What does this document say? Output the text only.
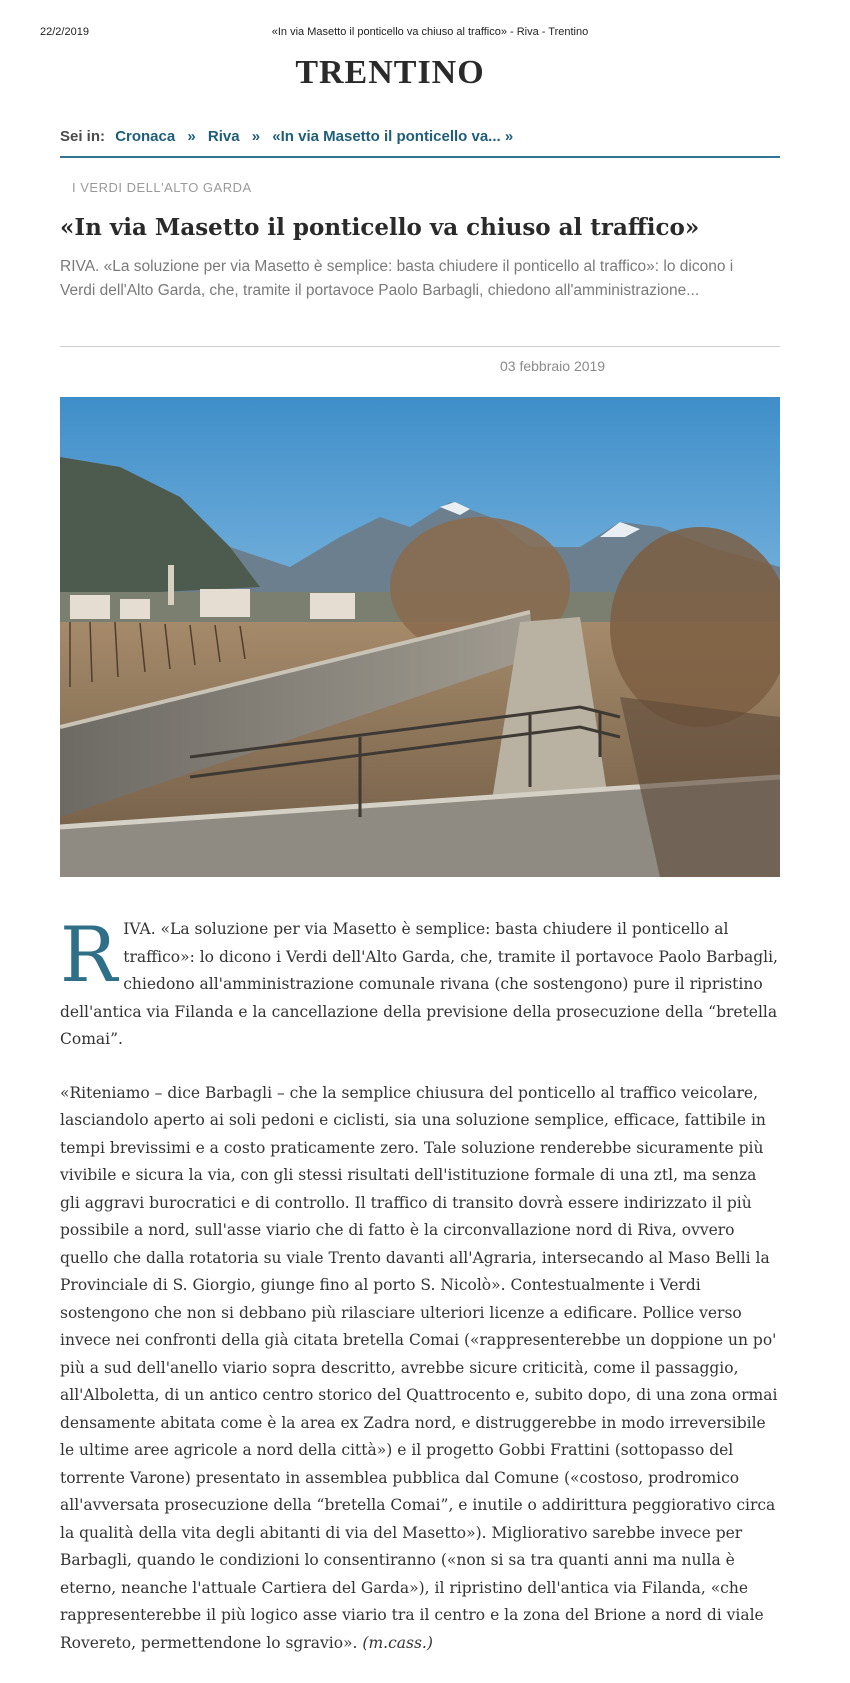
22/2/2019	«In via Masetto il ponticello va chiuso al traffico» - Riva - Trentino
TRENTINO
Sei in: Cronaca » Riva » «In via Masetto il ponticello va... »
I VERDI DELL'ALTO GARDA
«In via Masetto il ponticello va chiuso al traffico»
RIVA. «La soluzione per via Masetto è semplice: basta chiudere il ponticello al traffico»: lo dicono i Verdi dell'Alto Garda, che, tramite il portavoce Paolo Barbagli, chiedono all'amministrazione...
03 febbraio 2019

RIVA. «La soluzione per via Masetto è semplice: basta chiudere il ponticello al traffico»: lo dicono i Verdi dell'Alto Garda, che, tramite il portavoce Paolo Barbagli, chiedono all'amministrazione comunale rivana (che sostengono) pure il ripristino dell'antica via Filanda e la cancellazione della previsione della prosecuzione della “bretella Comai”.

«Riteniamo – dice Barbagli – che la semplice chiusura del ponticello al traffico veicolare, lasciandolo aperto ai soli pedoni e ciclisti, sia una soluzione semplice, efficace, fattibile in tempi brevissimi e a costo praticamente zero. Tale soluzione renderebbe sicuramente più vivibile e sicura la via, con gli stessi risultati dell'istituzione formale di una ztl, ma senza gli aggravi burocratici e di controllo. Il traffico di transito dovrà essere indirizzato il più possibile a nord, sull'asse viario che di fatto è la circonvallazione nord di Riva, ovvero quello che dalla rotatoria su viale Trento davanti all'Agraria, intersecando al Maso Belli la Provinciale di S. Giorgio, giunge fino al porto S. Nicolò». Contestualmente i Verdi sostengono che non si debbano più rilasciare ulteriori licenze a edificare. Pollice verso invece nei confronti della già citata bretella Comai («rappresenterebbe un doppione un po' più a sud dell'anello viario sopra descritto, avrebbe sicure criticità, come il passaggio, all'Alboletta, di un antico centro storico del Quattrocento e, subito dopo, di una zona ormai densamente abitata come è la area ex Zadra nord, e distruggerebbe in modo irreversibile le ultime aree agricole a nord della città») e il progetto Gobbi Frattini (sottopasso del torrente Varone) presentato in assemblea pubblica dal Comune («costoso, prodromico all'avversata prosecuzione della “bretella Comai”, e inutile o addirittura peggiorativo circa la qualità della vita degli abitanti di via del Masetto»). Migliorativo sarebbe invece per Barbagli, quando le condizioni lo consentiranno («non si sa tra quanti anni ma nulla è eterno, neanche l'attuale Cartiera del Garda»), il ripristino dell'antica via Filanda, «che rappresenterebbe il più logico asse viario tra il centro e la zona del Brione a nord di viale Rovereto, permettendone lo sgravio». (m.cass.)
